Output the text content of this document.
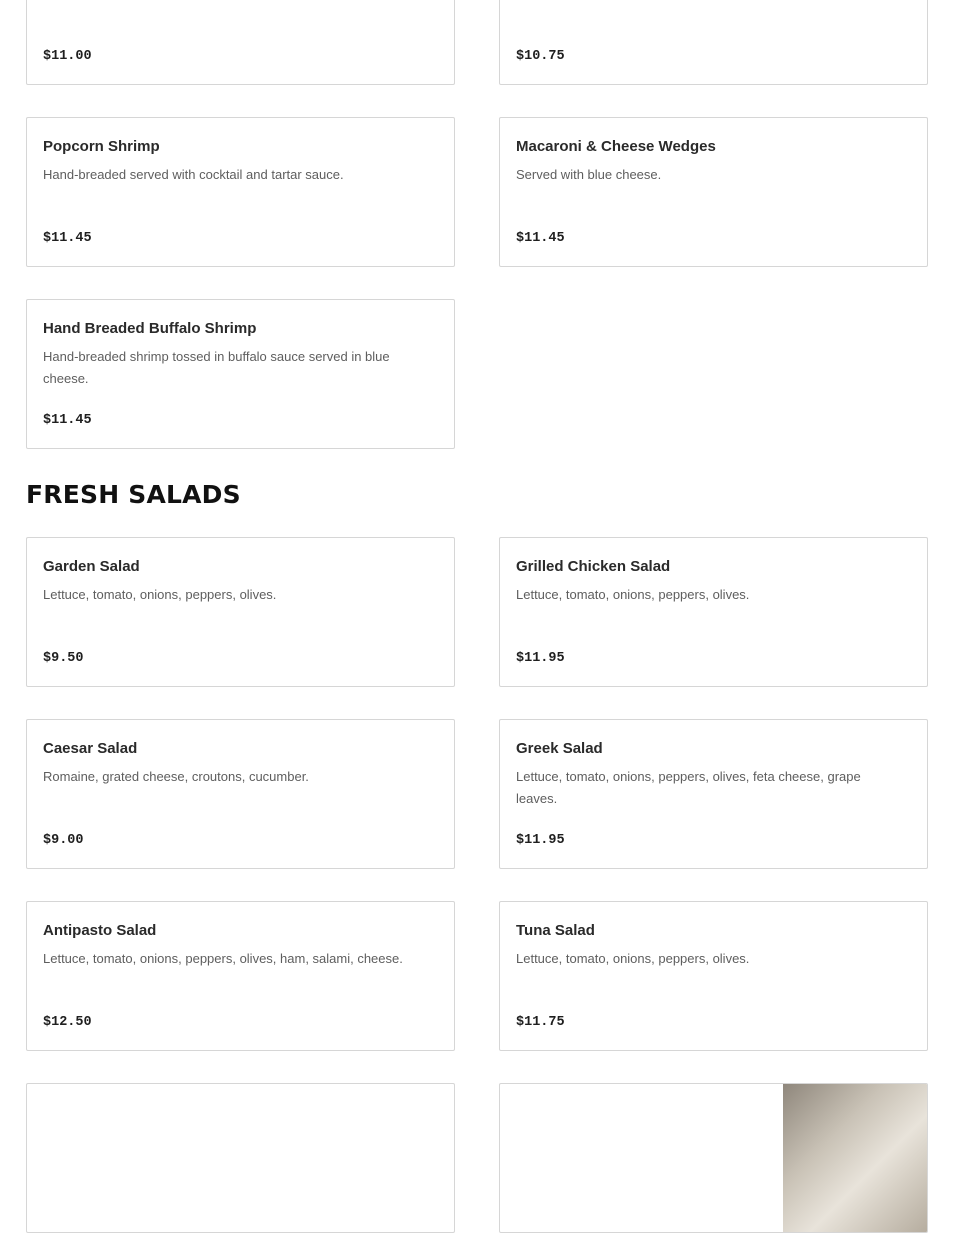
$11.00	$10.75
Popcorn Shrimp
Hand-breaded served with cocktail and tartar sauce.
$11.45
Macaroni & Cheese Wedges
Served with blue cheese.
$11.45
Hand Breaded Buffalo Shrimp
Hand-breaded shrimp tossed in buffalo sauce served in blue cheese.
$11.45
FRESH SALADS
Garden Salad
Lettuce, tomato, onions, peppers, olives.
$9.50
Grilled Chicken Salad
Lettuce, tomato, onions, peppers, olives.
$11.95
Caesar Salad
Romaine, grated cheese, croutons, cucumber.
$9.00
Greek Salad
Lettuce, tomato, onions, peppers, olives, feta cheese, grape leaves.
$11.95
Antipasto Salad
Lettuce, tomato, onions, peppers, olives, ham, salami, cheese.
$12.50
Tuna Salad
Lettuce, tomato, onions, peppers, olives.
$11.75
